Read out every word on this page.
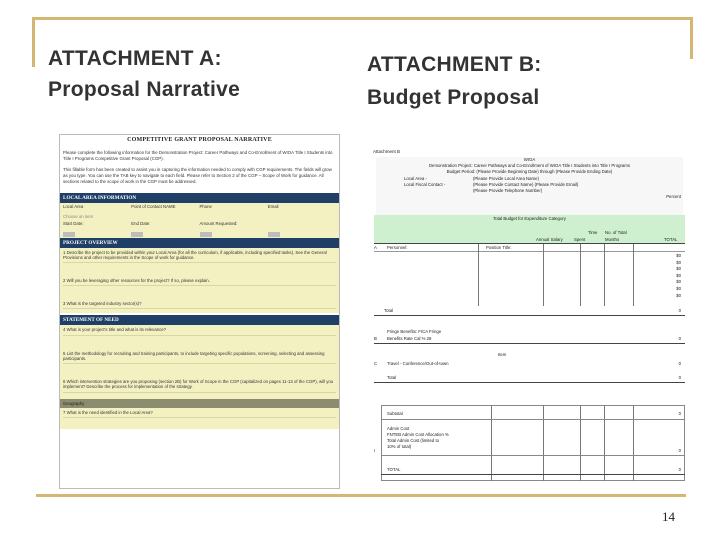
ATTACHMENT A:
Proposal Narrative
ATTACHMENT B:
Budget Proposal
COMPETITIVE GRANT PROPOSAL NARRATIVE

Please complete the following information for the Demonstration Project: Career Pathways and Co-Enrollment of WIOA Title I Students into Title I Programs Competitive Grant Proposal (CGP).

This fillable form has been created to assist you in capturing the information needed to comply with CGP requirements. The fields will grow as you type. You can use the TAB key to navigate to each field. Please refer to Section 2 of the CGP – Scope of Work for guidance. All sections related to the scope of work in the CGP must be addressed.

LOCAL AREA INFORMATION
Local Area	Point of Contact NAME	Phone	Email
Choose an item
Start Date:	End Date:	Amount Requested:
PROJECT OVERVIEW
1 Describe the project to be provided within your Local Area (for all the curriculum, if applicable, including specified tasks). See the General Provisions and other requirements in the Scope of work for guidance.
2 Will you be leveraging other resources for the project? If so, please explain.
3 What is the targeted industry sector(s)?
STATEMENT OF NEED
4 What is your project's title and what is its relevance?
5 List the methodology for recruiting and training participants, to include targeting specific populations, screening, selecting and assessing participants.
6 Which intervention strategies are you proposing (section 2B) for Work of Scope in the CGP (capitalized on pages 11-13 of the CGP), will you implement? Describe the process for implementation of the strategy.
Geography
7 What is the need identified in the Local Area?
Attachment B
WIOA
Demonstration Project: Career Pathways and Co-Enrollment of WIOA Title I Students into Title I Programs
Budget Period: (Please Provide Beginning Date) through (Please Provide Ending Date)
Local Area -	(Please Provide Local Area Name)
Local Fiscal Contact -	(Please Provide Contact Name) (Please Provide Email)
(Please Provide Telephone Number)
Total Budget for Expenditure Category
Percent
Time No. of Total
Annual Salary	Spent	Months	TOTAL
A Personnel:	Position Title:
$0
$0
$0
$0
$0
$0
$0
Total	0
Fringe Benefits: FICA Fringe
B Benefits Rate Cal % 28	0
Item
C Travel - Conference/Out-of-town	0
Total	0
Subtotal	0
Admin Cost
FNTEB Admin Cost Allocation %
Total Admin Cost (limited to
10% of total)
I	0
TOTAL	0
14
